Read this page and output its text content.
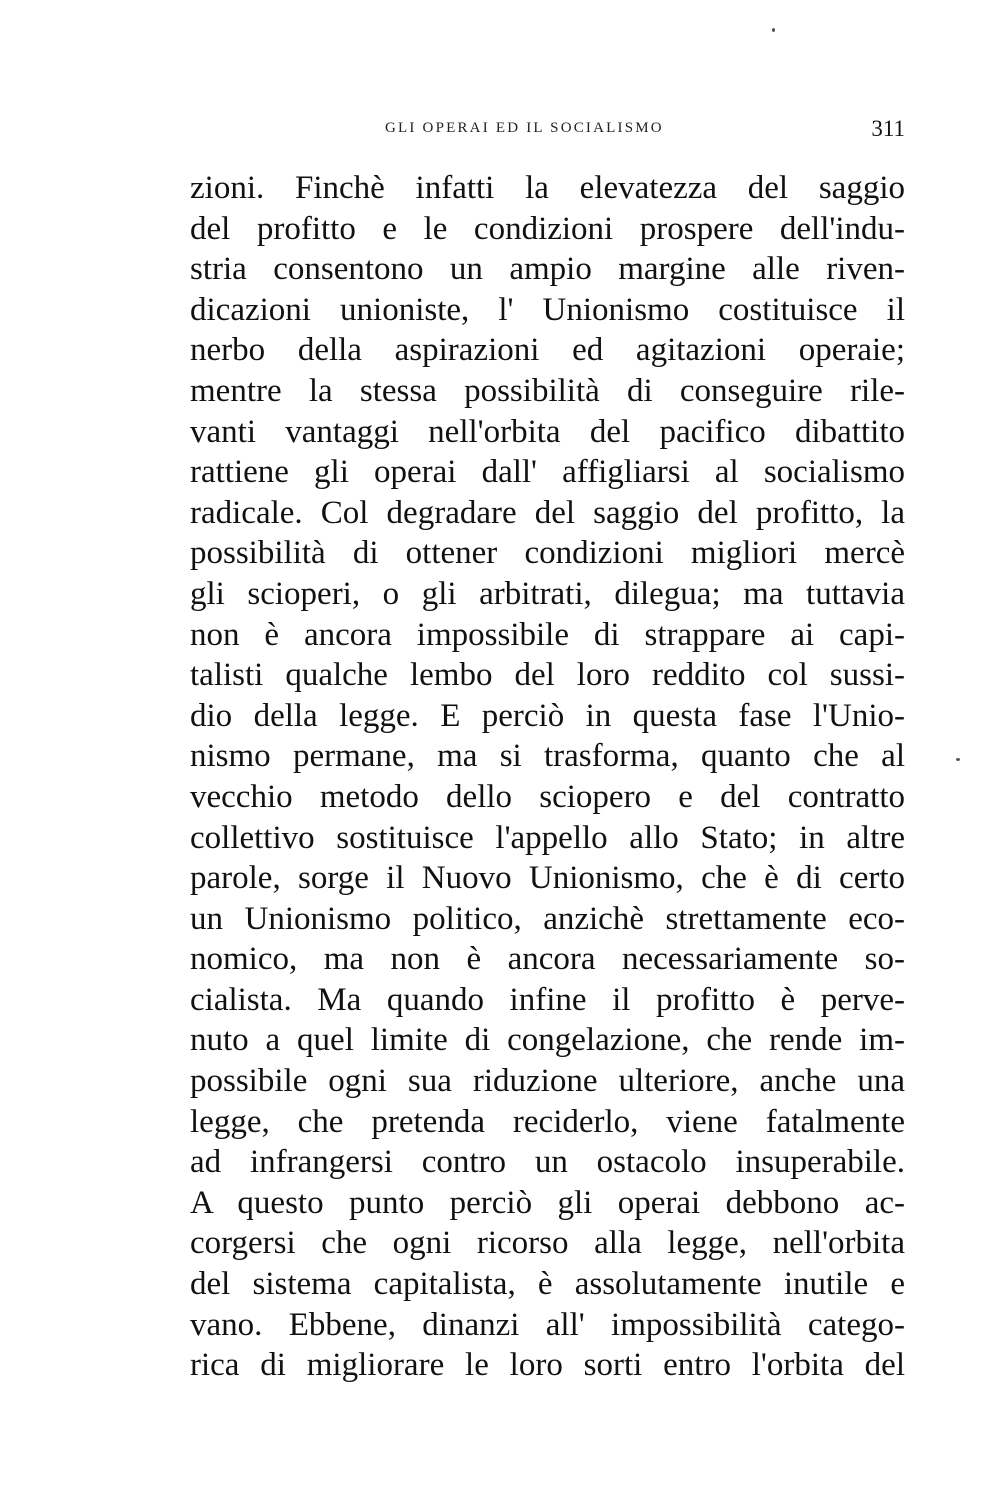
GLI OPERAI ED IL SOCIALISMO	311
zioni. Finchè infatti la elevatezza del saggio
del profitto e le condizioni prospere dell'indu-
stria consentono un ampio margine alle riven-
dicazioni unioniste, l' Unionismo costituisce il
nerbo della aspirazioni ed agitazioni operaie;
mentre la stessa possibilità di conseguire rile-
vanti vantaggi nell'orbita del pacifico dibattito
rattiene gli operai dall' affigliarsi al socialismo
radicale. Col degradare del saggio del profitto, la
possibilità di ottener condizioni migliori mercè
gli scioperi, o gli arbitrati, dilegua; ma tuttavia
non è ancora impossibile di strappare ai capi-
talisti qualche lembo del loro reddito col sussi-
dio della legge. E perciò in questa fase l'Unio-
nismo permane, ma si trasforma, quanto che al
vecchio metodo dello sciopero e del contratto
collettivo sostituisce l'appello allo Stato; in altre
parole, sorge il Nuovo Unionismo, che è di certo
un Unionismo politico, anzichè strettamente eco-
nomico, ma non è ancora necessariamente so-
cialista. Ma quando infine il profitto è perve-
nuto a quel limite di congelazione, che rende im-
possibile ogni sua riduzione ulteriore, anche una
legge, che pretenda reciderlo, viene fatalmente
ad infrangersi contro un ostacolo insuperabile.
A questo punto perciò gli operai debbono ac-
corgersi che ogni ricorso alla legge, nell'orbita
del sistema capitalista, è assolutamente inutile e
vano. Ebbene, dinanzi all' impossibilità catego-
rica di migliorare le loro sorti entro l'orbita del
